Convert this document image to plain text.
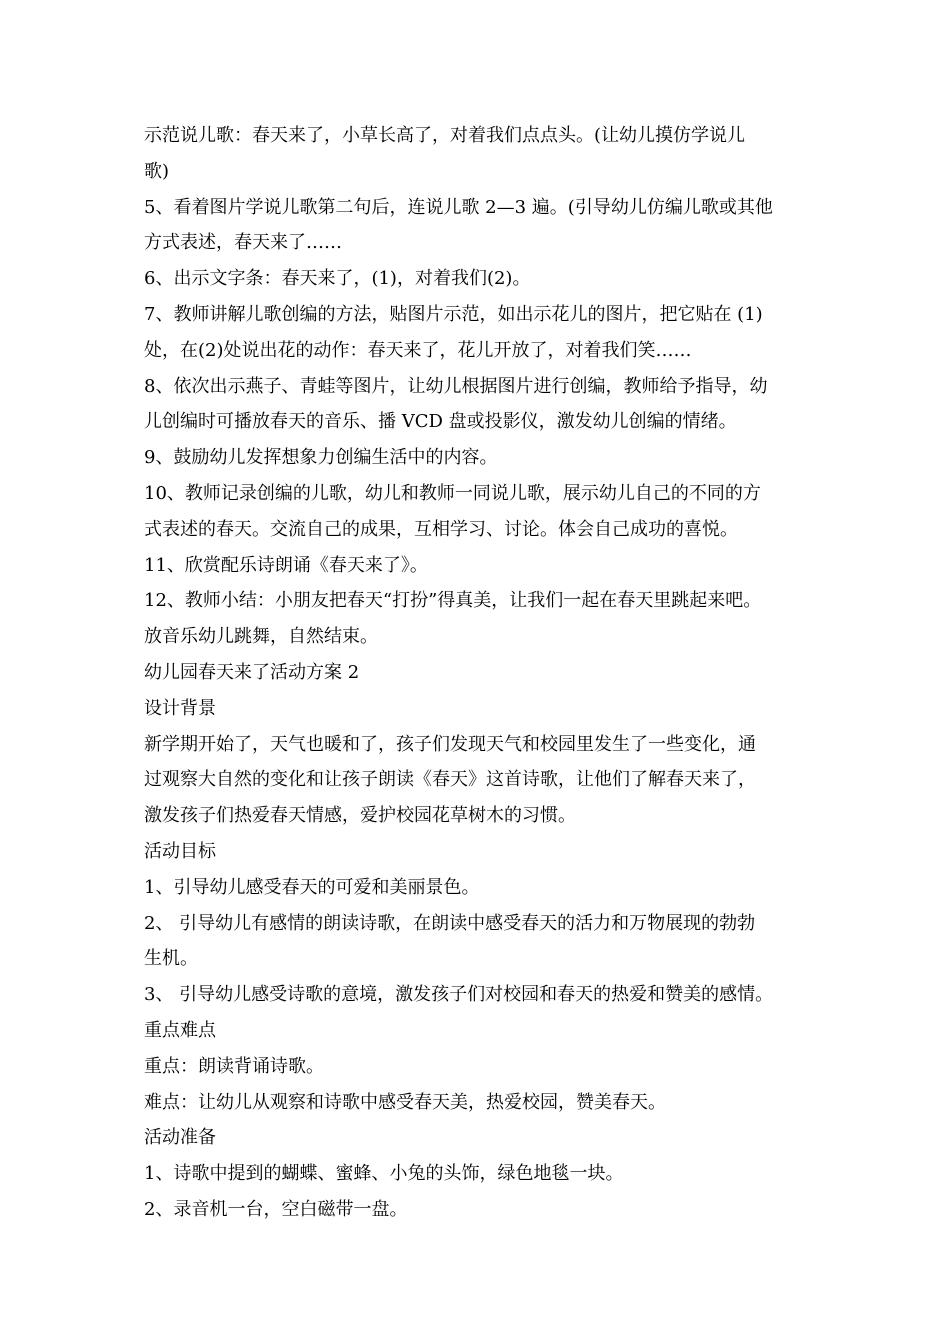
示范说儿歌：春天来了，小草长高了，对着我们点点头。(让幼儿摸仿学说儿

歌)

5、看着图片学说儿歌第二句后，连说儿歌 2—3 遍。(引导幼儿仿编儿歌或其他

方式表述，春天来了……

6、出示文字条：春天来了，(1)，对着我们(2)。

7、教师讲解儿歌创编的方法，贴图片示范，如出示花儿的图片，把它贴在 (1)

处，在(2)处说出花的动作：春天来了，花儿开放了，对着我们笑……

8、依次出示燕子、青蛙等图片，让幼儿根据图片进行创编，教师给予指导，幼

儿创编时可播放春天的音乐、播 VCD 盘或投影仪，激发幼儿创编的情绪。

9、鼓励幼儿发挥想象力创编生活中的内容。

10、教师记录创编的儿歌，幼儿和教师一同说儿歌，展示幼儿自己的不同的方

式表述的春天。交流自己的成果，互相学习、讨论。体会自己成功的喜悦。

11、欣赏配乐诗朗诵《春天来了》。

12、教师小结：小朋友把春天“打扮”得真美，让我们一起在春天里跳起来吧。

放音乐幼儿跳舞，自然结束。

幼儿园春天来了活动方案 2

设计背景

新学期开始了，天气也暖和了，孩子们发现天气和校园里发生了一些变化，通

过观察大自然的变化和让孩子朗读《春天》这首诗歌，让他们了解春天来了，

激发孩子们热爱春天情感，爱护校园花草树木的习惯。

活动目标

1、引导幼儿感受春天的可爱和美丽景色。

2、 引导幼儿有感情的朗读诗歌，在朗读中感受春天的活力和万物展现的勃勃

生机。

3、 引导幼儿感受诗歌的意境，激发孩子们对校园和春天的热爱和赞美的感情。

重点难点

重点：朗读背诵诗歌。

难点：让幼儿从观察和诗歌中感受春天美，热爱校园，赞美春天。

活动准备

1、诗歌中提到的蝴蝶、蜜蜂、小兔的头饰，绿色地毯一块。

2、录音机一台，空白磁带一盘。
